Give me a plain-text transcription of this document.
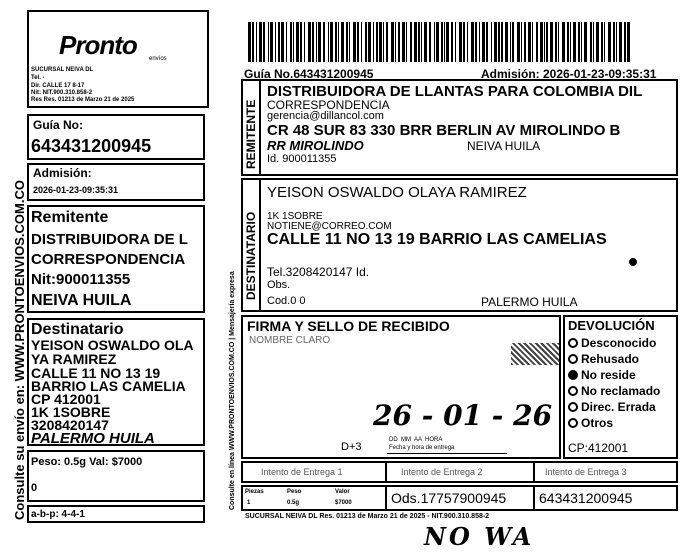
Consulte su envío en: WWW.PRONTOENVIOS.COM.CO
Pronto envíos
SUCURSAL NEIVA DL
Tel. -
Dir. CALLE 17 8-17
Nit: NIT.900.310.858-2
Res Res. 01213 de Marzo 21 de 2025
Guía No:
643431200945
Admisión:
2026-01-23-09:35:31
Remitente
DISTRIBUIDORA DE L
CORRESPONDENCIA
Nit:900011355
NEIVA HUILA
Destinatario
YEISON OSWALDO OLA
YA RAMIREZ
CALLE 11 NO 13 19
BARRIO LAS CAMELIA
CP 412001
1K 1SOBRE
3208420147
PALERMO HUILA
Peso: 0.5g Val: $7000
0
a-b-p: 4-4-1
Consulte en línea WWW.PRONTOENVIOS.COM.CO | Mensajería expresa
Guía No.643431200945	Admisión: 2026-01-23-09:35:31
REMITENTE
DISTRIBUIDORA DE LLANTAS PARA COLOMBIA DIL
CORRESPONDENCIA
gerencia@dillancol.com
CR 48 SUR 83 330 BRR BERLIN AV MIROLINDO B
RR MIROLINDO	NEIVA HUILA
Id. 900011355
DESTINATARIO
YEISON OSWALDO OLAYA RAMIREZ
1K 1SOBRE
NOTIENE@CORREO.COM
CALLE 11 NO 13 19 BARRIO LAS CAMELIAS
Tel.3208420147 Id.
Obs.
Cod.0 0	PALERMO HUILA
FIRMA Y SELLO DE RECIBIDO
NOMBRE CLARO
26 - 01 - 26
D+3
DD  MM  AA  HORA
Fecha y hora de entrega
DEVOLUCIÓN
Desconocido
Rehusado
No reside
No reclamado
Direc. Errada
Otros
CP:412001
Intento de Entrega 1	Intento de Entrega 2	Intento de Entrega 3
Piezas
1
Peso
0.5g
Valor
$7000	Ods.17757900945 643431200945
SUCURSAL NEIVA DL Res. 01213 de Marzo 21 de 2025 - NIT.900.310.858-2
NO WA
